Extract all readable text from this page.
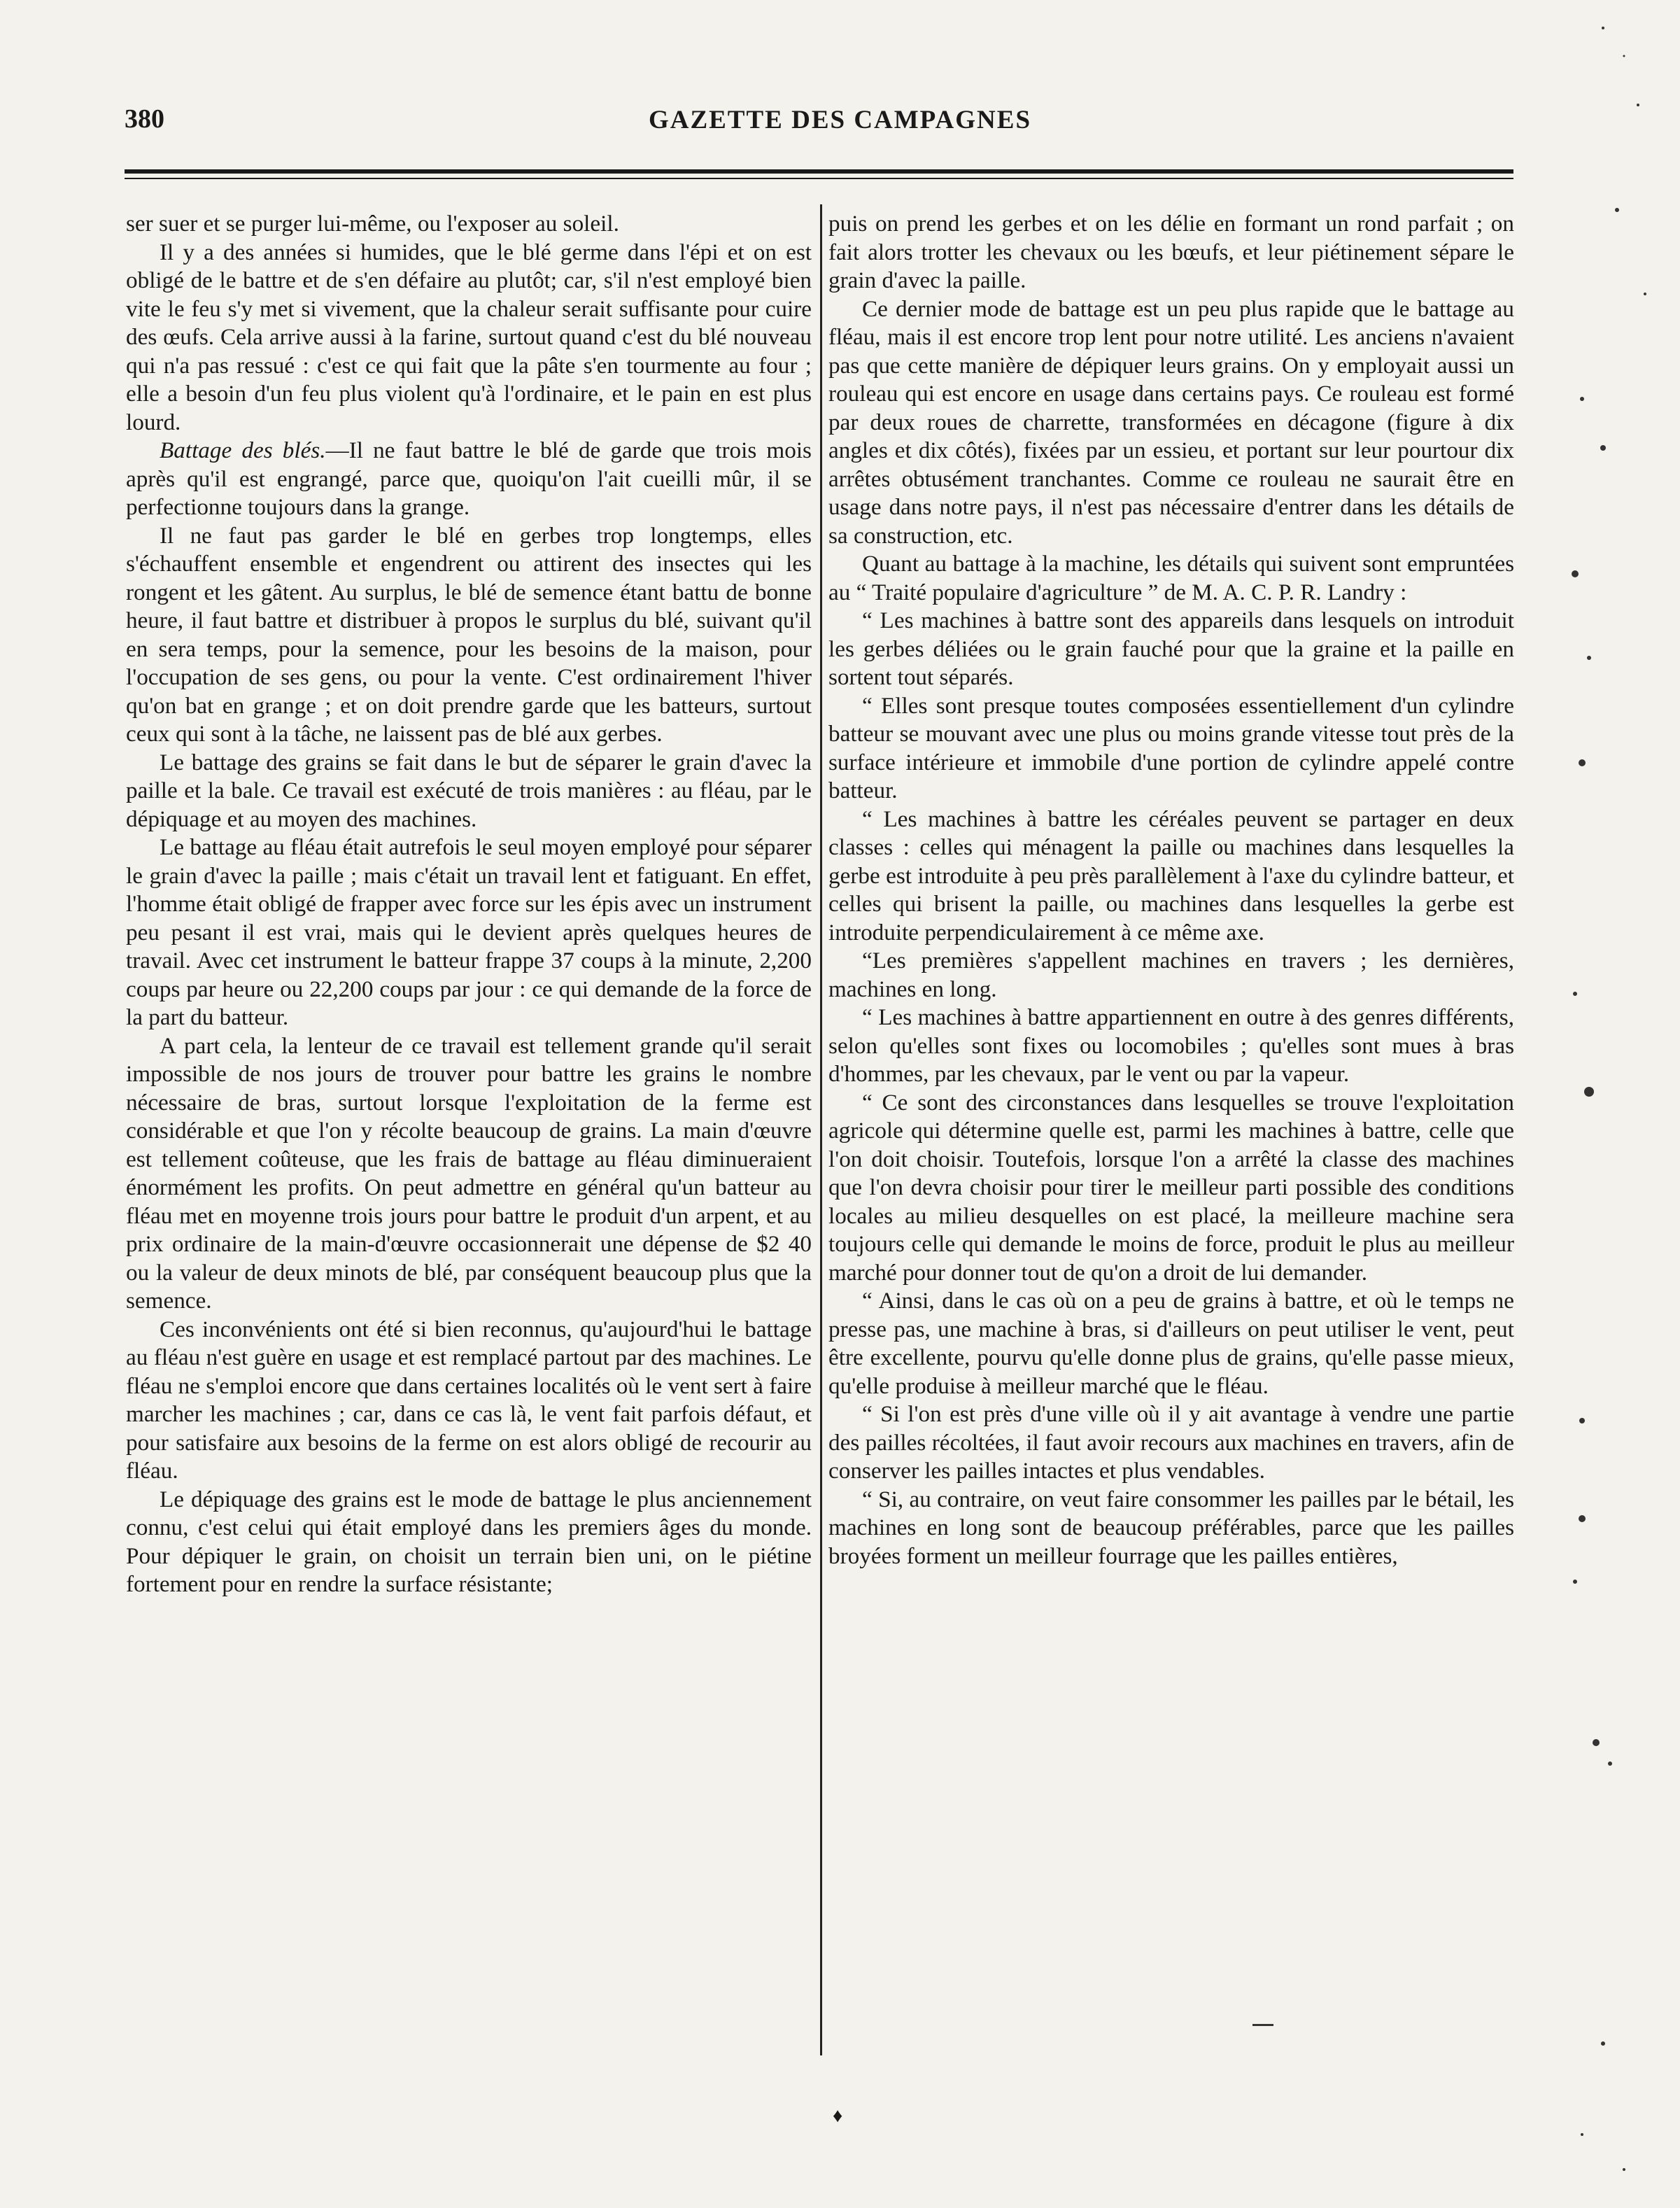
380	GAZETTE DES CAMPAGNES

ser suer et se purger lui-même, ou l'exposer au soleil.

Il y a des années si humides, que le blé germe dans l'épi et on est obligé de le battre et de s'en défaire au plutôt; car, s'il n'est employé bien vite le feu s'y met si vivement, que la chaleur serait suffisante pour cuire des œufs. Cela arrive aussi à la farine, surtout quand c'est du blé nouveau qui n'a pas ressué : c'est ce qui fait que la pâte s'en tourmente au four ; elle a besoin d'un feu plus violent qu'à l'ordinaire, et le pain en est plus lourd.

Battage des blés.—Il ne faut battre le blé de garde que trois mois après qu'il est engrangé, parce que, quoiqu'on l'ait cueilli mûr, il se perfectionne toujours dans la grange.

Il ne faut pas garder le blé en gerbes trop longtemps, elles s'échauffent ensemble et engendrent ou attirent des insectes qui les rongent et les gâtent. Au surplus, le blé de semence étant battu de bonne heure, il faut battre et distribuer à propos le surplus du blé, suivant qu'il en sera temps, pour la semence, pour les besoins de la maison, pour l'occupation de ses gens, ou pour la vente. C'est ordinairement l'hiver qu'on bat en grange ; et on doit prendre garde que les batteurs, surtout ceux qui sont à la tâche, ne laissent pas de blé aux gerbes.

Le battage des grains se fait dans le but de séparer le grain d'avec la paille et la bale. Ce travail est exécuté de trois manières : au fléau, par le dépiquage et au moyen des machines.

Le battage au fléau était autrefois le seul moyen employé pour séparer le grain d'avec la paille ; mais c'était un travail lent et fatiguant. En effet, l'homme était obligé de frapper avec force sur les épis avec un instrument peu pesant il est vrai, mais qui le devient après quelques heures de travail. Avec cet instrument le batteur frappe 37 coups à la minute, 2,200 coups par heure ou 22,200 coups par jour : ce qui demande de la force de la part du batteur.

A part cela, la lenteur de ce travail est tellement grande qu'il serait impossible de nos jours de trouver pour battre les grains le nombre nécessaire de bras, surtout lorsque l'exploitation de la ferme est considérable et que l'on y récolte beaucoup de grains. La main d'œuvre est tellement coûteuse, que les frais de battage au fléau diminueraient énormément les profits. On peut admettre en général qu'un batteur au fléau met en moyenne trois jours pour battre le produit d'un arpent, et au prix ordinaire de la main-d'œuvre occasionnerait une dépense de $2 40 ou la valeur de deux minots de blé, par conséquent beaucoup plus que la semence.

Ces inconvénients ont été si bien reconnus, qu'aujourd'hui le battage au fléau n'est guère en usage et est remplacé partout par des machines. Le fléau ne s'emploi encore que dans certaines localités où le vent sert à faire marcher les machines ; car, dans ce cas là, le vent fait parfois défaut, et pour satisfaire aux besoins de la ferme on est alors obligé de recourir au fléau.

Le dépiquage des grains est le mode de battage le plus anciennement connu, c'est celui qui était employé dans les premiers âges du monde. Pour dépiquer le grain, on choisit un terrain bien uni, on le piétine fortement pour en rendre la surface résistante;

puis on prend les gerbes et on les délie en formant un rond parfait ; on fait alors trotter les chevaux ou les bœufs, et leur piétinement sépare le grain d'avec la paille.

Ce dernier mode de battage est un peu plus rapide que le battage au fléau, mais il est encore trop lent pour notre utilité. Les anciens n'avaient pas que cette manière de dépiquer leurs grains. On y employait aussi un rouleau qui est encore en usage dans certains pays. Ce rouleau est formé par deux roues de charrette, transformées en décagone (figure à dix angles et dix côtés), fixées par un essieu, et portant sur leur pourtour dix arrêtes obtusément tranchantes. Comme ce rouleau ne saurait être en usage dans notre pays, il n'est pas nécessaire d'entrer dans les détails de sa construction, etc.

Quant au battage à la machine, les détails qui suivent sont empruntées au “ Traité populaire d'agriculture ” de M. A. C. P. R. Landry :

“ Les machines à battre sont des appareils dans lesquels on introduit les gerbes déliées ou le grain fauché pour que la graine et la paille en sortent tout séparés.

“ Elles sont presque toutes composées essentiellement d'un cylindre batteur se mouvant avec une plus ou moins grande vitesse tout près de la surface intérieure et immobile d'une portion de cylindre appelé contre batteur.

“ Les machines à battre les céréales peuvent se partager en deux classes : celles qui ménagent la paille ou machines dans lesquelles la gerbe est introduite à peu près parallèlement à l'axe du cylindre batteur, et celles qui brisent la paille, ou machines dans lesquelles la gerbe est introduite perpendiculairement à ce même axe.

“Les premières s'appellent machines en travers ; les dernières, machines en long.

“ Les machines à battre appartiennent en outre à des genres différents, selon qu'elles sont fixes ou locomobiles ; qu'elles sont mues à bras d'hommes, par les chevaux, par le vent ou par la vapeur.

“ Ce sont des circonstances dans lesquelles se trouve l'exploitation agricole qui détermine quelle est, parmi les machines à battre, celle que l'on doit choisir. Toutefois, lorsque l'on a arrêté la classe des machines que l'on devra choisir pour tirer le meilleur parti possible des conditions locales au milieu desquelles on est placé, la meilleure machine sera toujours celle qui demande le moins de force, produit le plus au meilleur marché pour donner tout de qu'on a droit de lui demander.

“ Ainsi, dans le cas où on a peu de grains à battre, et où le temps ne presse pas, une machine à bras, si d'ailleurs on peut utiliser le vent, peut être excellente, pourvu qu'elle donne plus de grains, qu'elle passe mieux, qu'elle produise à meilleur marché que le fléau.

“ Si l'on est près d'une ville où il y ait avantage à vendre une partie des pailles récoltées, il faut avoir recours aux machines en travers, afin de conserver les pailles intactes et plus vendables.

“ Si, au contraire, on veut faire consommer les pailles par le bétail, les machines en long sont de beaucoup préférables, parce que les pailles broyées forment un meilleur fourrage que les pailles entières,

♦
